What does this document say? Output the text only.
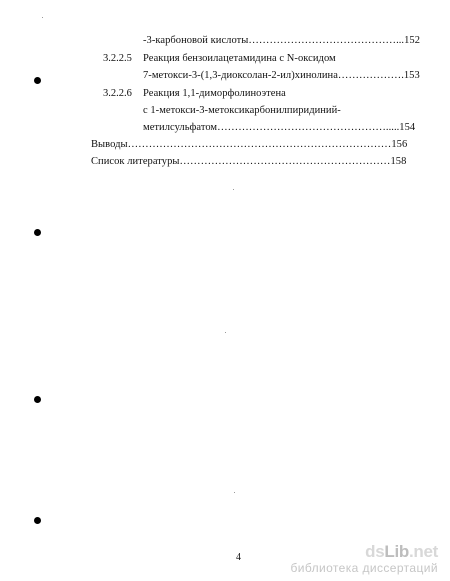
-3-карбоновой кислоты……………………………………...152
3.2.2.5 Реакция бензоилацетамидина с N-оксидом
7-метокси-3-(1,3-диоксолан-2-ил)хинолина……………….153
3.2.2.6 Реакция 1,1-диморфолиноэтена
с 1-метокси-3-метоксикарбонилпиридиний-
метилсульфатом………………………………………….....154
Выводы…………………………………………………………………156
Список литературы……………………………………………………158
4	dsLib.net
библиотека диссертаций
